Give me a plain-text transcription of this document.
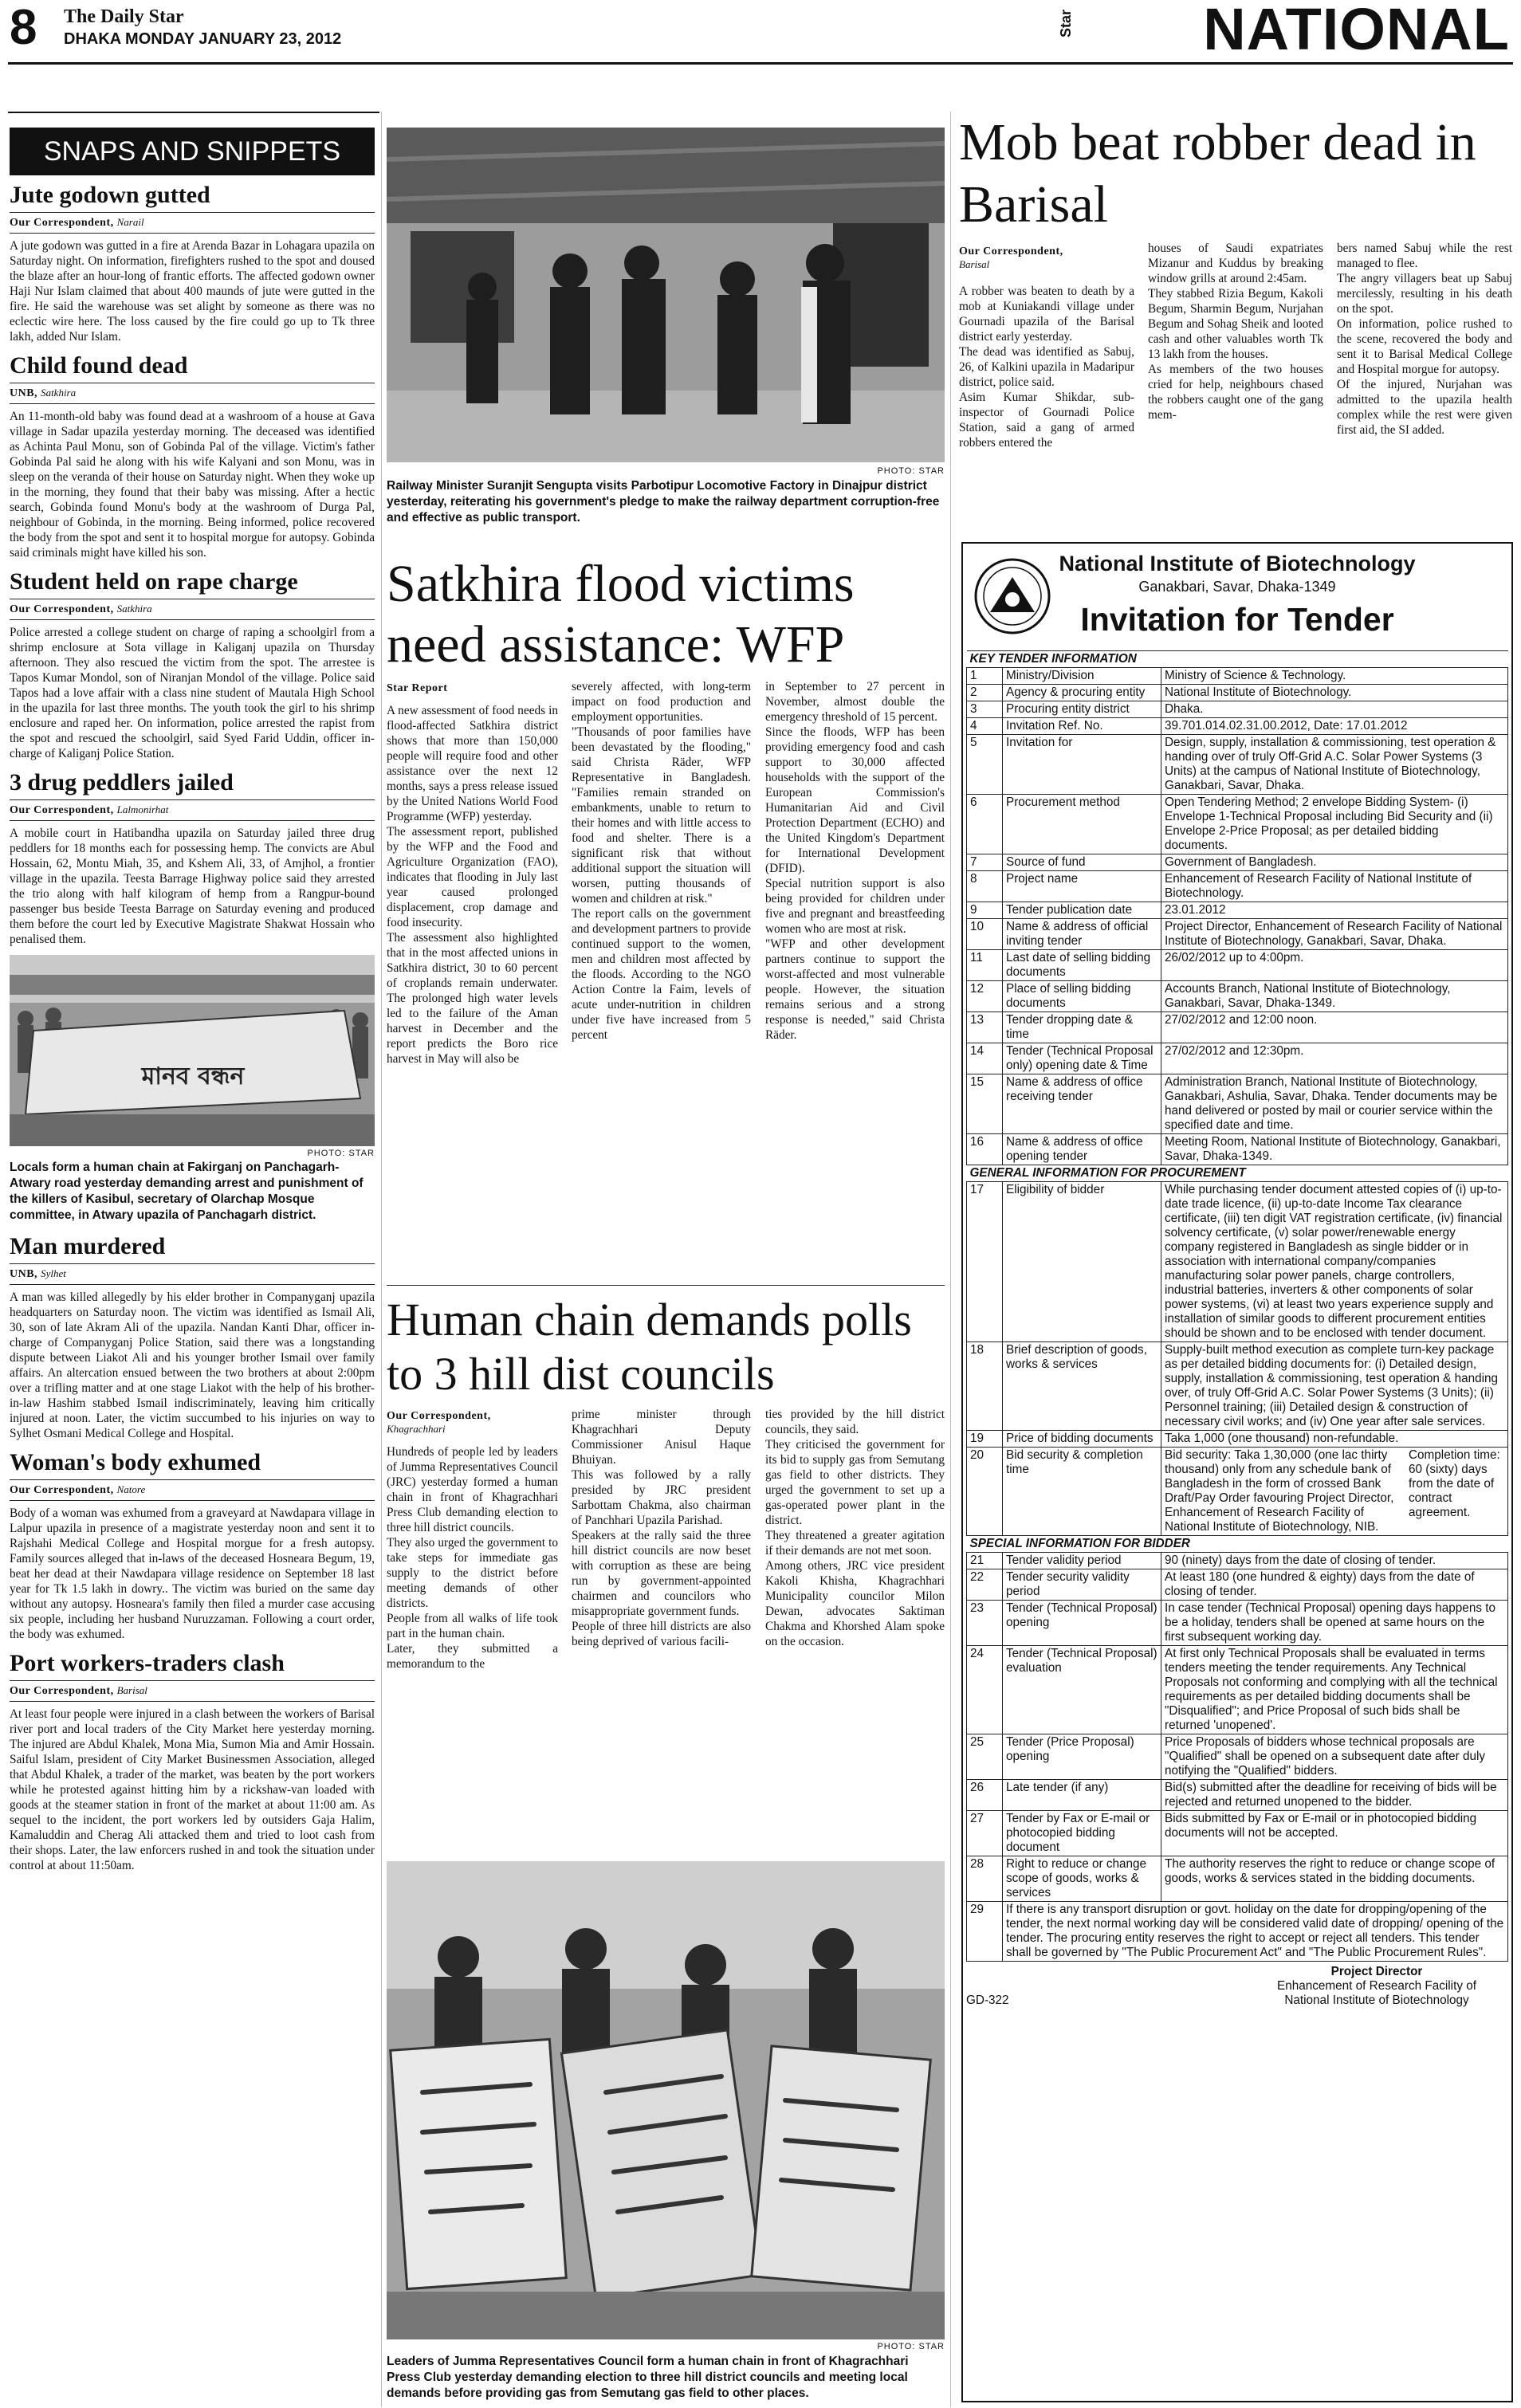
8 The Daily Star
DHAKA MONDAY JANUARY 23, 2012
Star NATIONAL
SNAPS AND SNIPPETS
Jute godown gutted
Our Correspondent, Narail
A jute godown was gutted in a fire at Arenda Bazar in Lohagara upazila on Saturday night. On information, firefighters rushed to the spot and doused the blaze after an hour-long of frantic efforts. The affected godown owner Haji Nur Islam claimed that about 400 maunds of jute were gutted in the fire. He said the warehouse was set alight by someone as there was no eclectic wire here. The loss caused by the fire could go up to Tk three lakh, added Nur Islam.
Child found dead
UNB, Satkhira
An 11-month-old baby was found dead at a washroom of a house at Gava village in Sadar upazila yesterday morning. The deceased was identified as Achinta Paul Monu, son of Gobinda Pal of the village. Victim's father Gobinda Pal said he along with his wife Kalyani and son Monu, was in sleep on the veranda of their house on Saturday night. When they woke up in the morning, they found that their baby was missing. After a hectic search, Gobinda found Monu's body at the washroom of Durga Pal, neighbour of Gobinda, in the morning. Being informed, police recovered the body from the spot and sent it to hospital morgue for autopsy. Gobinda said criminals might have killed his son.
Student held on rape charge
Our Correspondent, Satkhira
Police arrested a college student on charge of raping a schoolgirl from a shrimp enclosure at Sota village in Kaliganj upazila on Thursday afternoon. They also rescued the victim from the spot. The arrestee is Tapos Kumar Mondol, son of Niranjan Mondol of the village. Police said Tapos had a love affair with a class nine student of Mautala High School in the upazila for last three months. The youth took the girl to his shrimp enclosure and raped her. On information, police arrested the rapist from the spot and rescued the schoolgirl, said Syed Farid Uddin, officer in-charge of Kaliganj Police Station.
3 drug peddlers jailed
Our Correspondent, Lalmonirhat
A mobile court in Hatibandha upazila on Saturday jailed three drug peddlers for 18 months each for possessing hemp. The convicts are Abul Hossain, 62, Montu Miah, 35, and Kshem Ali, 33, of Amjhol, a frontier village in the upazila. Teesta Barrage Highway police said they arrested the trio along with half kilogram of hemp from a Rangpur-bound passenger bus beside Teesta Barrage on Saturday evening and produced them before the court led by Executive Magistrate Shakwat Hossain who penalised them.
মানব বন্ধন
PHOTO: STAR
Locals form a human chain at Fakirganj on Panchagarh-Atwary road yesterday demanding arrest and punishment of the killers of Kasibul, secretary of Olarchap Mosque committee, in Atwary upazila of Panchagarh district.
Man murdered
UNB, Sylhet
A man was killed allegedly by his elder brother in Companyganj upazila headquarters on Saturday noon. The victim was identified as Ismail Ali, 30, son of late Akram Ali of the upazila. Nandan Kanti Dhar, officer in-charge of Companyganj Police Station, said there was a longstanding dispute between Liakot Ali and his younger brother Ismail over family affairs. An altercation ensued between the two brothers at about 2:00pm over a trifling matter and at one stage Liakot with the help of his brother-in-law Hashim stabbed Ismail indiscriminately, leaving him critically injured at noon. Later, the victim succumbed to his injuries on way to Sylhet Osmani Medical College and Hospital.
Woman's body exhumed
Our Correspondent, Natore
Body of a woman was exhumed from a graveyard at Nawdapara village in Lalpur upazila in presence of a magistrate yesterday noon and sent it to Rajshahi Medical College and Hospital morgue for a fresh autopsy. Family sources alleged that in-laws of the deceased Hosneara Begum, 19, beat her dead at their Nawdapara village residence on September 18 last year for Tk 1.5 lakh in dowry.. The victim was buried on the same day without any autopsy. Hosneara's family then filed a murder case accusing six people, including her husband Nuruzzaman. Following a court order, the body was exhumed.
Port workers-traders clash
Our Correspondent, Barisal
At least four people were injured in a clash between the workers of Barisal river port and local traders of the City Market here yesterday morning. The injured are Abdul Khalek, Mona Mia, Sumon Mia and Amir Hossain. Saiful Islam, president of City Market Businessmen Association, alleged that Abdul Khalek, a trader of the market, was beaten by the port workers while he protested against hitting him by a rickshaw-van loaded with goods at the steamer station in front of the market at about 11:00 am. As sequel to the incident, the port workers led by outsiders Gaja Halim, Kamaluddin and Cherag Ali attacked them and tried to loot cash from their shops. Later, the law enforcers rushed in and took the situation under control at about 11:50am.
PHOTO: STAR
Railway Minister Suranjit Sengupta visits Parbotipur Locomotive Factory in Dinajpur district yesterday, reiterating his government's pledge to make the railway department corruption-free and effective as public transport.
Satkhira flood victims need assistance: WFP
Star Report

A new assessment of food needs in flood-affected Satkhira district shows that more than 150,000 people will require food and other assistance over the next 12 months, says a press release issued by the United Nations World Food Programme (WFP) yesterday.
The assessment report, published by the WFP and the Food and Agriculture Organization (FAO), indicates that flooding in July last year caused prolonged displacement, crop damage and food insecurity.
The assessment also highlighted that in the most affected unions in Satkhira district, 30 to 60 percent of croplands remain underwater. The prolonged high water levels led to the failure of the Aman harvest in December and the report predicts the Boro rice harvest in May will also be

severely affected, with long-term impact on food production and employment opportunities.
"Thousands of poor families have been devastated by the flooding," said Christa Räder, WFP Representative in Bangladesh. "Families remain stranded on embankments, unable to return to their homes and with little access to food and shelter. There is a significant risk that without additional support the situation will worsen, putting thousands of women and children at risk."
The report calls on the government and development partners to provide continued support to the women, men and children most affected by the floods. According to the NGO Action Contre la Faim, levels of acute under-nutrition in children under five have increased from 5 percent

in September to 27 percent in November, almost double the emergency threshold of 15 percent.
Since the floods, WFP has been providing emergency food and cash support to 30,000 affected households with the support of the European Commission's Humanitarian Aid and Civil Protection Department (ECHO) and the United Kingdom's Department for International Development (DFID).
Special nutrition support is also being provided for children under five and pregnant and breastfeeding women who are most at risk.
"WFP and other development partners continue to support the worst-affected and most vulnerable people. However, the situation remains serious and a strong response is needed," said Christa Räder.

Human chain demands polls to 3 hill dist councils
Our Correspondent,
Khagrachhari

Hundreds of people led by leaders of Jumma Representatives Council (JRC) yesterday formed a human chain in front of Khagrachhari Press Club demanding election to three hill district councils.
They also urged the government to take steps for immediate gas supply to the district before meeting demands of other districts.
People from all walks of life took part in the human chain.
Later, they submitted a memorandum to the

prime minister through Khagrachhari Deputy Commissioner Anisul Haque Bhuiyan.
This was followed by a rally presided by JRC president Sarbottam Chakma, also chairman of Panchhari Upazila Parishad.
Speakers at the rally said the three hill district councils are now beset with corruption as these are being run by government-appointed chairmen and councilors who misappropriate government funds.
People of three hill districts are also being deprived of various facili-

ties provided by the hill district councils, they said.
They criticised the government for its bid to supply gas from Semutang gas field to other districts. They urged the government to set up a gas-operated power plant in the district.
They threatened a greater agitation if their demands are not met soon.
Among others, JRC vice president Kakoli Khisha, Khagrachhari Municipality councilor Milon Dewan, advocates Saktiman Chakma and Khorshed Alam spoke on the occasion.

PHOTO: STAR
Leaders of Jumma Representatives Council form a human chain in front of Khagrachhari Press Club yesterday demanding election to three hill district councils and meeting local demands before providing gas from Semutang gas field to other places.
Mob beat robber dead in Barisal
Our Correspondent,
Barisal

A robber was beaten to death by a mob at Kuniakandi village under Gournadi upazila of the Barisal district early yesterday.
The dead was identified as Sabuj, 26, of Kalkini upazila in Madaripur district, police said.
Asim Kumar Shikdar, sub-inspector of Gournadi Police Station, said a gang of armed robbers entered the

houses of Saudi expatriates Mizanur and Kuddus by breaking window grills at around 2:45am.
They stabbed Rizia Begum, Kakoli Begum, Sharmin Begum, Nurjahan Begum and Sohag Sheik and looted cash and other valuables worth Tk 13 lakh from the houses.
As members of the two houses cried for help, neighbours chased the robbers caught one of the gang mem-

bers named Sabuj while the rest managed to flee.
The angry villagers beat up Sabuj mercilessly, resulting in his death on the spot.
On information, police rushed to the scene, recovered the body and sent it to Barisal Medical College and Hospital morgue for autopsy.
Of the injured, Nurjahan was admitted to the upazila health complex while the rest were given first aid, the SI added.

National Institute of Biotechnology
Ganakbari, Savar, Dhaka-1349
Invitation for Tender
KEY TENDER INFORMATION		
1	Ministry/Division	Ministry of Science & Technology.
2	Agency & procuring entity	National Institute of Biotechnology.
3	Procuring entity district	Dhaka.
4	Invitation Ref. No.	39.701.014.02.31.00.2012, Date: 17.01.2012
5	Invitation for	Design, supply, installation & commissioning, test operation & handing over of truly Off-Grid A.C. Solar Power Systems (3 Units) at the campus of National Institute of Biotechnology, Ganakbari, Savar, Dhaka.
6	Procurement method	Open Tendering Method; 2 envelope Bidding System- (i) Envelope 1-Technical Proposal including Bid Security and (ii) Envelope 2-Price Proposal; as per detailed bidding documents.
7	Source of fund	Government of Bangladesh.
8	Project name	Enhancement of Research Facility of National Institute of Biotechnology.
9	Tender publication date	23.01.2012
10	Name & address of official inviting tender	Project Director, Enhancement of Research Facility of National Institute of Biotechnology, Ganakbari, Savar, Dhaka.
11	Last date of selling bidding documents	26/02/2012 up to 4:00pm.
12	Place of selling bidding documents	Accounts Branch, National Institute of Biotechnology, Ganakbari, Savar, Dhaka-1349.
13	Tender dropping date & time	27/02/2012 and 12:00 noon.
14	Tender (Technical Proposal only) opening date & Time	27/02/2012 and 12:30pm.
15	Name & address of office receiving tender	Administration Branch, National Institute of Biotechnology, Ganakbari, Ashulia, Savar, Dhaka. Tender documents may be hand delivered or posted by mail or courier service within the specified date and time.
16	Name & address of office opening tender	Meeting Room, National Institute of Biotechnology, Ganakbari, Savar, Dhaka-1349.
GENERAL INFORMATION FOR PROCUREMENT		
17	Eligibility of bidder	While purchasing tender document attested copies of (i) up-to-date trade licence, (ii) up-to-date Income Tax clearance certificate, (iii) ten digit VAT registration certificate, (iv) financial solvency certificate, (v) solar power/renewable energy company registered in Bangladesh as single bidder or in association with international company/companies manufacturing solar power panels, charge controllers, industrial batteries, inverters & other components of solar power systems, (vi) at least two years experience supply and installation of similar goods to different procurement entities should be shown and to be enclosed with tender document.
18	Brief description of goods, works & services	Supply-built method execution as complete turn-key package as per detailed bidding documents for: (i) Detailed design, supply, installation & commissioning, test operation & handing over, of truly Off-Grid A.C. Solar Power Systems (3 Units); (ii) Personnel training; (iii) Detailed design & construction of necessary civil works; and (iv) One year after sale services.
19	Price of bidding documents	Taka 1,000 (one thousand) non-refundable.
20	Bid security & completion time	Bid security: Taka 1,30,000 (one lac thirty thousand) only from any schedule bank of Bangladesh in the form of crossed Bank Draft/Pay Order favouring Project Director, Enhancement of Research Facility of National Institute of Biotechnology, NIB.
Completion time: 60 (sixty) days from the date of contract agreement.

SPECIAL INFORMATION FOR BIDDER		
21	Tender validity period	90 (ninety) days from the date of closing of tender.
22	Tender security validity period	At least 180 (one hundred & eighty) days from the date of closing of tender.
23	Tender (Technical Proposal) opening	In case tender (Technical Proposal) opening days happens to be a holiday, tenders shall be opened at same hours on the first subsequent working day.
24	Tender (Technical Proposal) evaluation	At first only Technical Proposals shall be evaluated in terms tenders meeting the tender requirements. Any Technical Proposals not conforming and complying with all the technical requirements as per detailed bidding documents shall be "Disqualified"; and Price Proposal of such bids shall be returned 'unopened'.
25	Tender (Price Proposal) opening	Price Proposals of bidders whose technical proposals are "Qualified" shall be opened on a subsequent date after duly notifying the "Qualified" bidders.
26	Late tender (if any)	Bid(s) submitted after the deadline for receiving of bids will be rejected and returned unopened to the bidder.
27	Tender by Fax or E-mail or photocopied bidding document	Bids submitted by Fax or E-mail or in photocopied bidding documents will not be accepted.
28	Right to reduce or change scope of goods, works & services	The authority reserves the right to reduce or change scope of goods, works & services stated in the bidding documents.
29	If there is any transport disruption or govt. holiday on the date for dropping/opening of the tender, the next normal working day will be considered valid date of dropping/ opening of the tender. The procuring entity reserves the right to accept or reject all tenders. This tender shall be governed by "The Public Procurement Act" and "The Public Procurement Rules".	
GD-322
Project Director
Enhancement of Research Facility of
National Institute of Biotechnology
